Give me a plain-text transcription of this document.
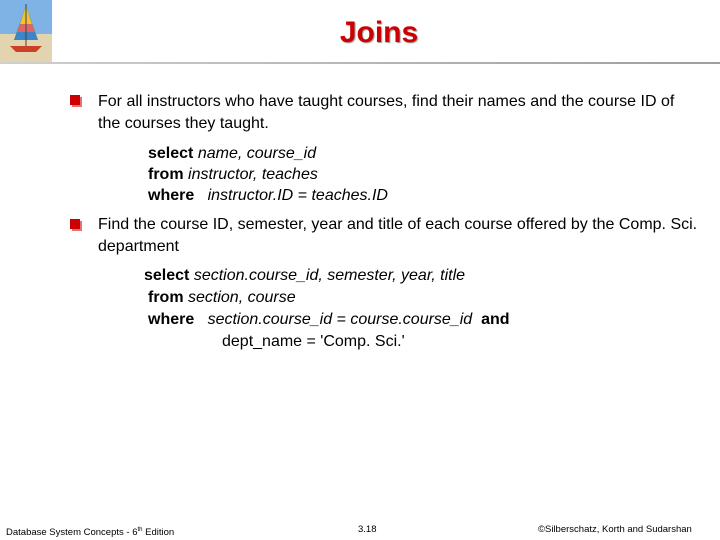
Joins
For all instructors who have taught courses, find their names and the course ID of the courses they taught.
select name, course_id
from instructor, teaches
where   instructor.ID = teaches.ID
Find the course ID, semester, year and title of each course offered by the Comp. Sci. department
select section.course_id, semester, year, title
from section, course
where   section.course_id = course.course_id and
dept_name = 'Comp. Sci.'
Database System Concepts - 6th Edition	3.18	©Silberschatz, Korth and Sudarshan
